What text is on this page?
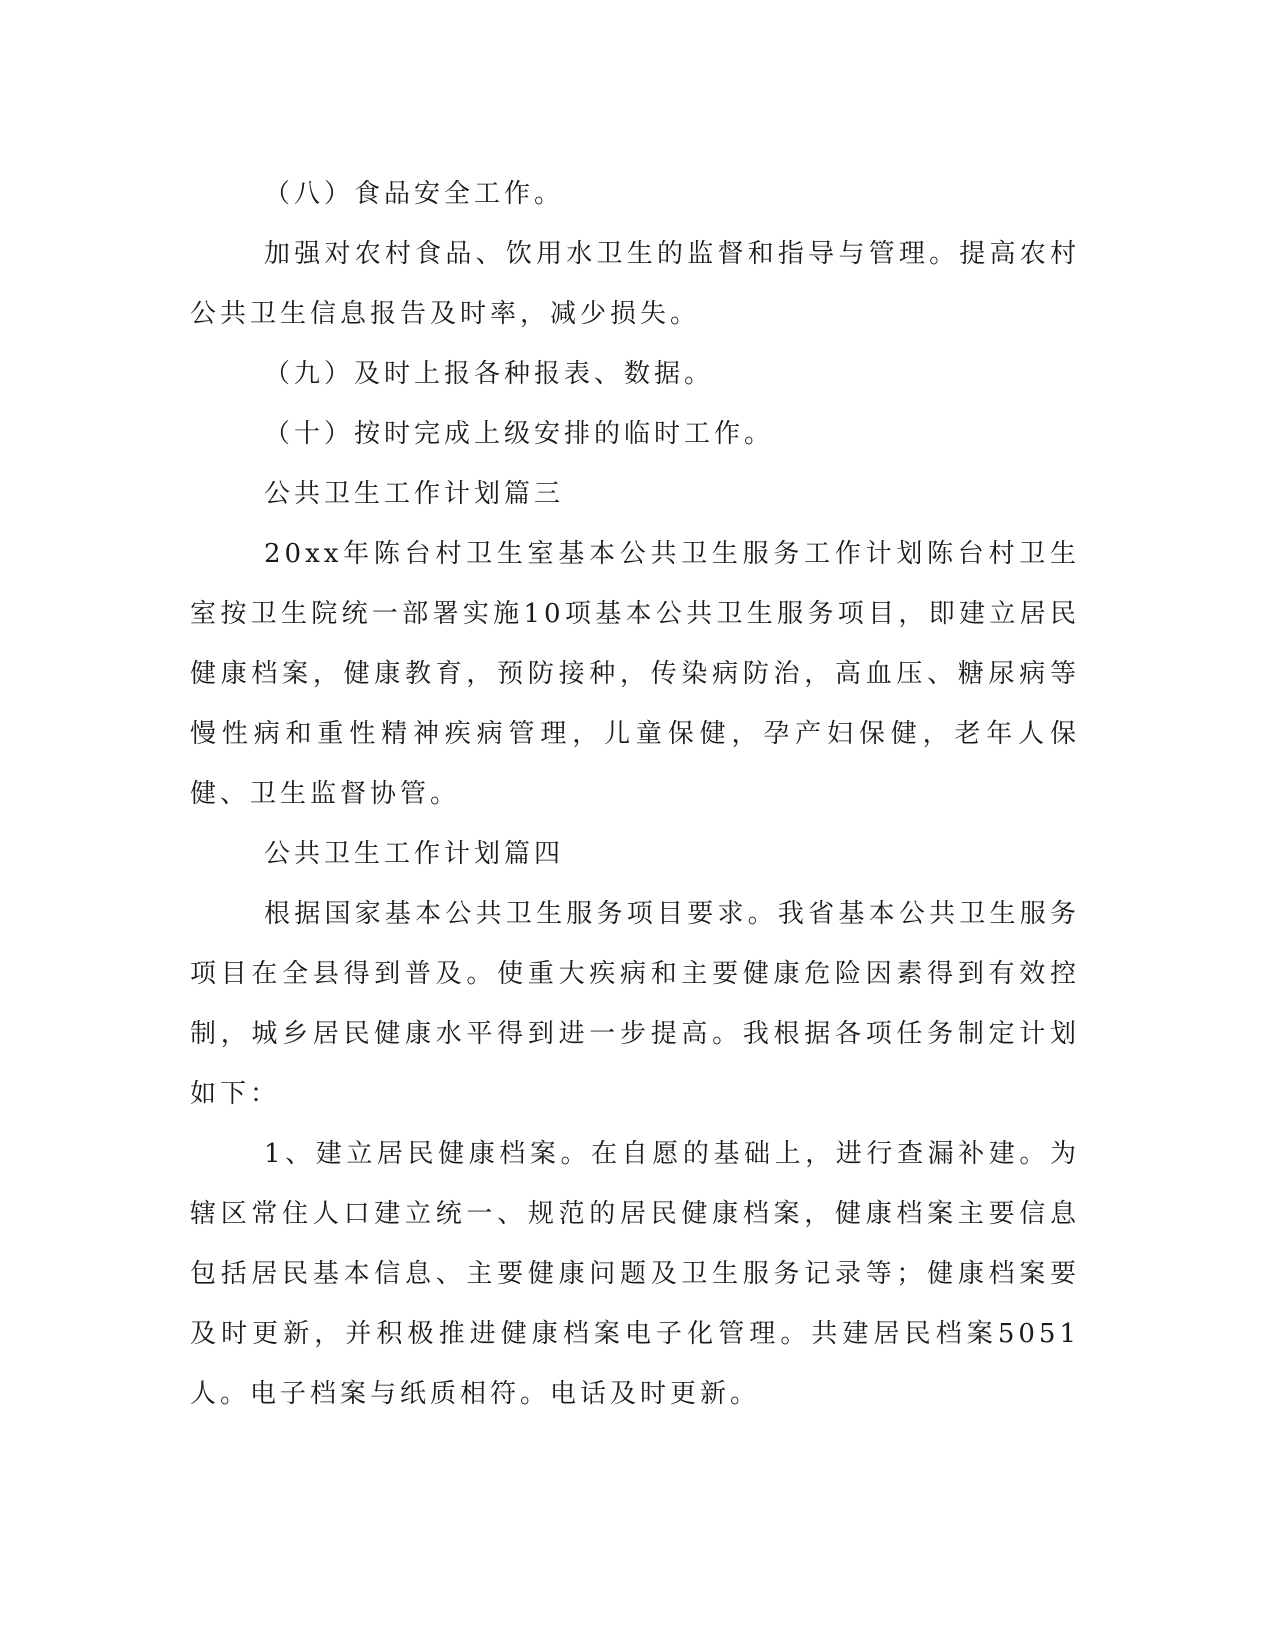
（八）食品安全工作。

加强对农村食品、饮用水卫生的监督和指导与管理。提高农村公共卫生信息报告及时率，减少损失。

（九）及时上报各种报表、数据。

（十）按时完成上级安排的临时工作。

公共卫生工作计划篇三

20xx年陈台村卫生室基本公共卫生服务工作计划陈台村卫生室按卫生院统一部署实施10项基本公共卫生服务项目，即建立居民健康档案，健康教育，预防接种，传染病防治，高血压、糖尿病等慢性病和重性精神疾病管理，儿童保健，孕产妇保健，老年人保健、卫生监督协管。

公共卫生工作计划篇四

根据国家基本公共卫生服务项目要求。我省基本公共卫生服务项目在全县得到普及。使重大疾病和主要健康危险因素得到有效控制，城乡居民健康水平得到进一步提高。我根据各项任务制定计划如下：

1、建立居民健康档案。在自愿的基础上，进行查漏补建。为辖区常住人口建立统一、规范的居民健康档案，健康档案主要信息包括居民基本信息、主要健康问题及卫生服务记录等；健康档案要及时更新，并积极推进健康档案电子化管理。共建居民档案5051人。电子档案与纸质相符。电话及时更新。
